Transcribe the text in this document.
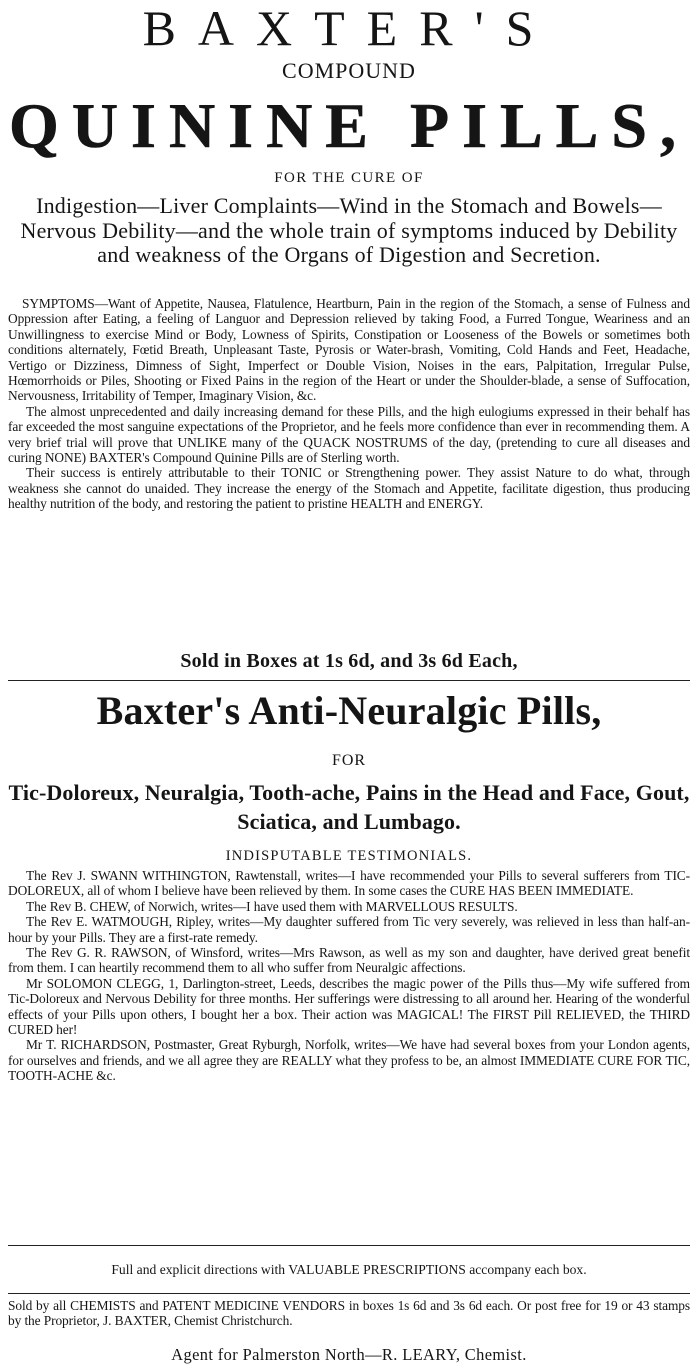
BAXTER'S
COMPOUND
QUININE PILLS,
FOR THE CURE OF
Indigestion—Liver Complaints—Wind in the Stomach and Bowels—Nervous Debility—and the whole train of symptoms induced by Debility and weakness of the Organs of Digestion and Secretion.

SYMPTOMS—Want of Appetite, Nausea, Flatulence, Heartburn, Pain in the region of the Stomach, a sense of Fulness and Oppression after Eating, a feeling of Languor and Depression relieved by taking Food, a Furred Tongue, Weariness and an Unwillingness to exercise Mind or Body, Lowness of Spirits, Constipation or Looseness of the Bowels or sometimes both conditions alternately, Fœtid Breath, Unpleasant Taste, Pyrosis or Water-brash, Vomiting, Cold Hands and Feet, Headache, Vertigo or Dizziness, Dimness of Sight, Imperfect or Double Vision, Noises in the ears, Palpitation, Irregular Pulse, Hœmorrhoids or Piles, Shooting or Fixed Pains in the region of the Heart or under the Shoulder-blade, a sense of Suffocation, Nervousness, Irritability of Temper, Imaginary Vision, &c.

The almost unprecedented and daily increasing demand for these Pills, and the high eulogiums expressed in their behalf has far exceeded the most sanguine expectations of the Proprietor, and he feels more confidence than ever in recommending them. A very brief trial will prove that UNLIKE many of the QUACK NOSTRUMS of the day, (pretending to cure all diseases and curing NONE) BAXTER's Compound Quinine Pills are of Sterling worth.

Their success is entirely attributable to their TONIC or Strengthening power. They assist Nature to do what, through weakness she cannot do unaided. They increase the energy of the Stomach and Appetite, facilitate digestion, thus producing healthy nutrition of the body, and restoring the patient to pristine HEALTH and ENERGY.

Sold in Boxes at 1s 6d, and 3s 6d Each,
Baxter's Anti-Neuralgic Pills,
FOR
Tic-Doloreux, Neuralgia, Tooth-ache, Pains in the Head and Face, Gout, Sciatica, and Lumbago.
INDISPUTABLE TESTIMONIALS.

The Rev J. SWANN WITHINGTON, Rawtenstall, writes—I have recommended your Pills to several sufferers from TIC-DOLOREUX, all of whom I believe have been relieved by them. In some cases the CURE HAS BEEN IMMEDIATE.

The Rev B. CHEW, of Norwich, writes—I have used them with MARVELLOUS RESULTS.

The Rev E. WATMOUGH, Ripley, writes—My daughter suffered from Tic very severely, was relieved in less than half-an-hour by your Pills. They are a first-rate remedy.

The Rev G. R. RAWSON, of Winsford, writes—Mrs Rawson, as well as my son and daughter, have derived great benefit from them. I can heartily recommend them to all who suffer from Neuralgic affections.

Mr SOLOMON CLEGG, 1, Darlington-street, Leeds, describes the magic power of the Pills thus—My wife suffered from Tic-Doloreux and Nervous Debility for three months. Her sufferings were distressing to all around her. Hearing of the wonderful effects of your Pills upon others, I bought her a box. Their action was MAGICAL! The FIRST Pill RELIEVED, the THIRD CURED her!

Mr T. RICHARDSON, Postmaster, Great Ryburgh, Norfolk, writes—We have had several boxes from your London agents, for ourselves and friends, and we all agree they are REALLY what they profess to be, an almost IMMEDIATE CURE FOR TIC, TOOTH-ACHE &c.

Full and explicit directions with VALUABLE PRESCRIPTIONS accompany each box.

Sold by all CHEMISTS and PATENT MEDICINE VENDORS in boxes 1s 6d and 3s 6d each. Or post free for 19 or 43 stamps by the Proprietor, J. BAXTER, Chemist Christchurch.

Agent for Palmerston North—R. LEARY, Chemist.
